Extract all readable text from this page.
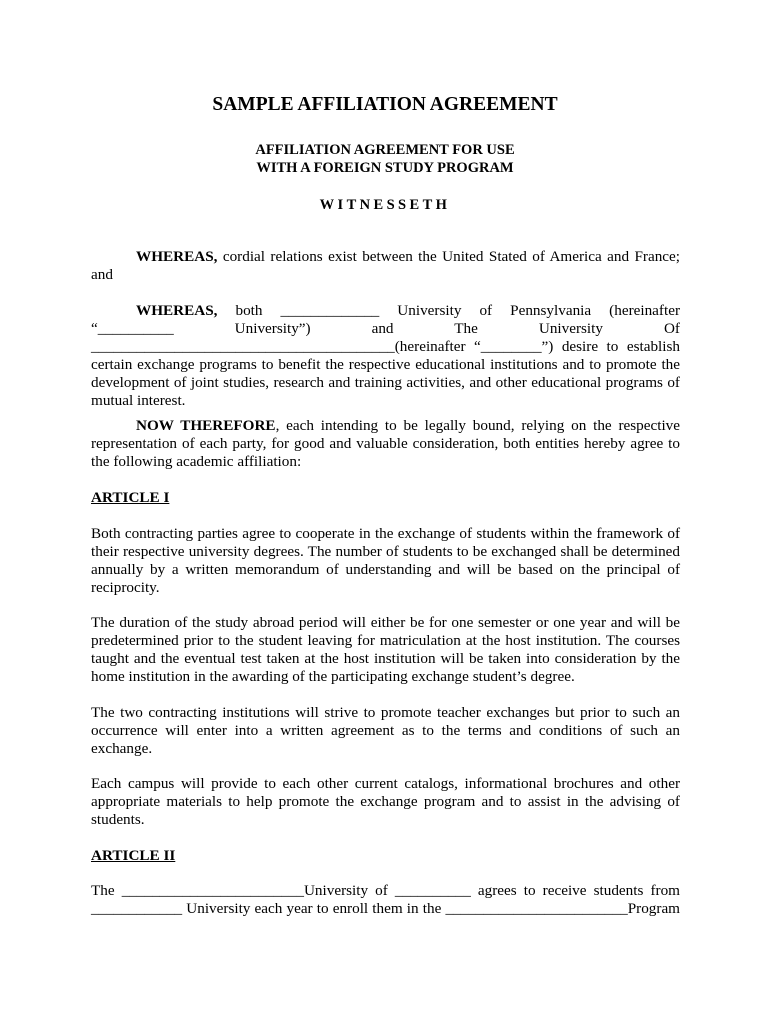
SAMPLE AFFILIATION AGREEMENT
AFFILIATION AGREEMENT FOR USE
WITH A FOREIGN STUDY PROGRAM
WITNESSETH
WHEREAS, cordial relations exist between the United Stated of America and France; and
WHEREAS, both _____________ University of Pennsylvania (hereinafter “__________ University”) and The University Of ________________________________________(hereinafter “________”) desire to establish certain exchange programs to benefit the respective educational institutions and to promote the development of joint studies, research and training activities, and other educational programs of mutual interest.
NOW THEREFORE, each intending to be legally bound, relying on the respective representation of each party, for good and valuable consideration, both entities hereby agree to the following academic affiliation:
ARTICLE I
Both contracting parties agree to cooperate in the exchange of students within the framework of their respective university degrees. The number of students to be exchanged shall be determined annually by a written memorandum of understanding and will be based on the principal of reciprocity.
The duration of the study abroad period will either be for one semester or one year and will be predetermined prior to the student leaving for matriculation at the host institution. The courses taught and the eventual test taken at the host institution will be taken into consideration by the home institution in the awarding of the participating exchange student’s degree.
The two contracting institutions will strive to promote teacher exchanges but prior to such an occurrence will enter into a written agreement as to the terms and conditions of such an exchange.
Each campus will provide to each other current catalogs, informational brochures and other appropriate materials to help promote the exchange program and to assist in the advising of students.
ARTICLE II
The ________________________University of __________ agrees to receive students from
____________ University each year to enroll them in the ________________________Program
